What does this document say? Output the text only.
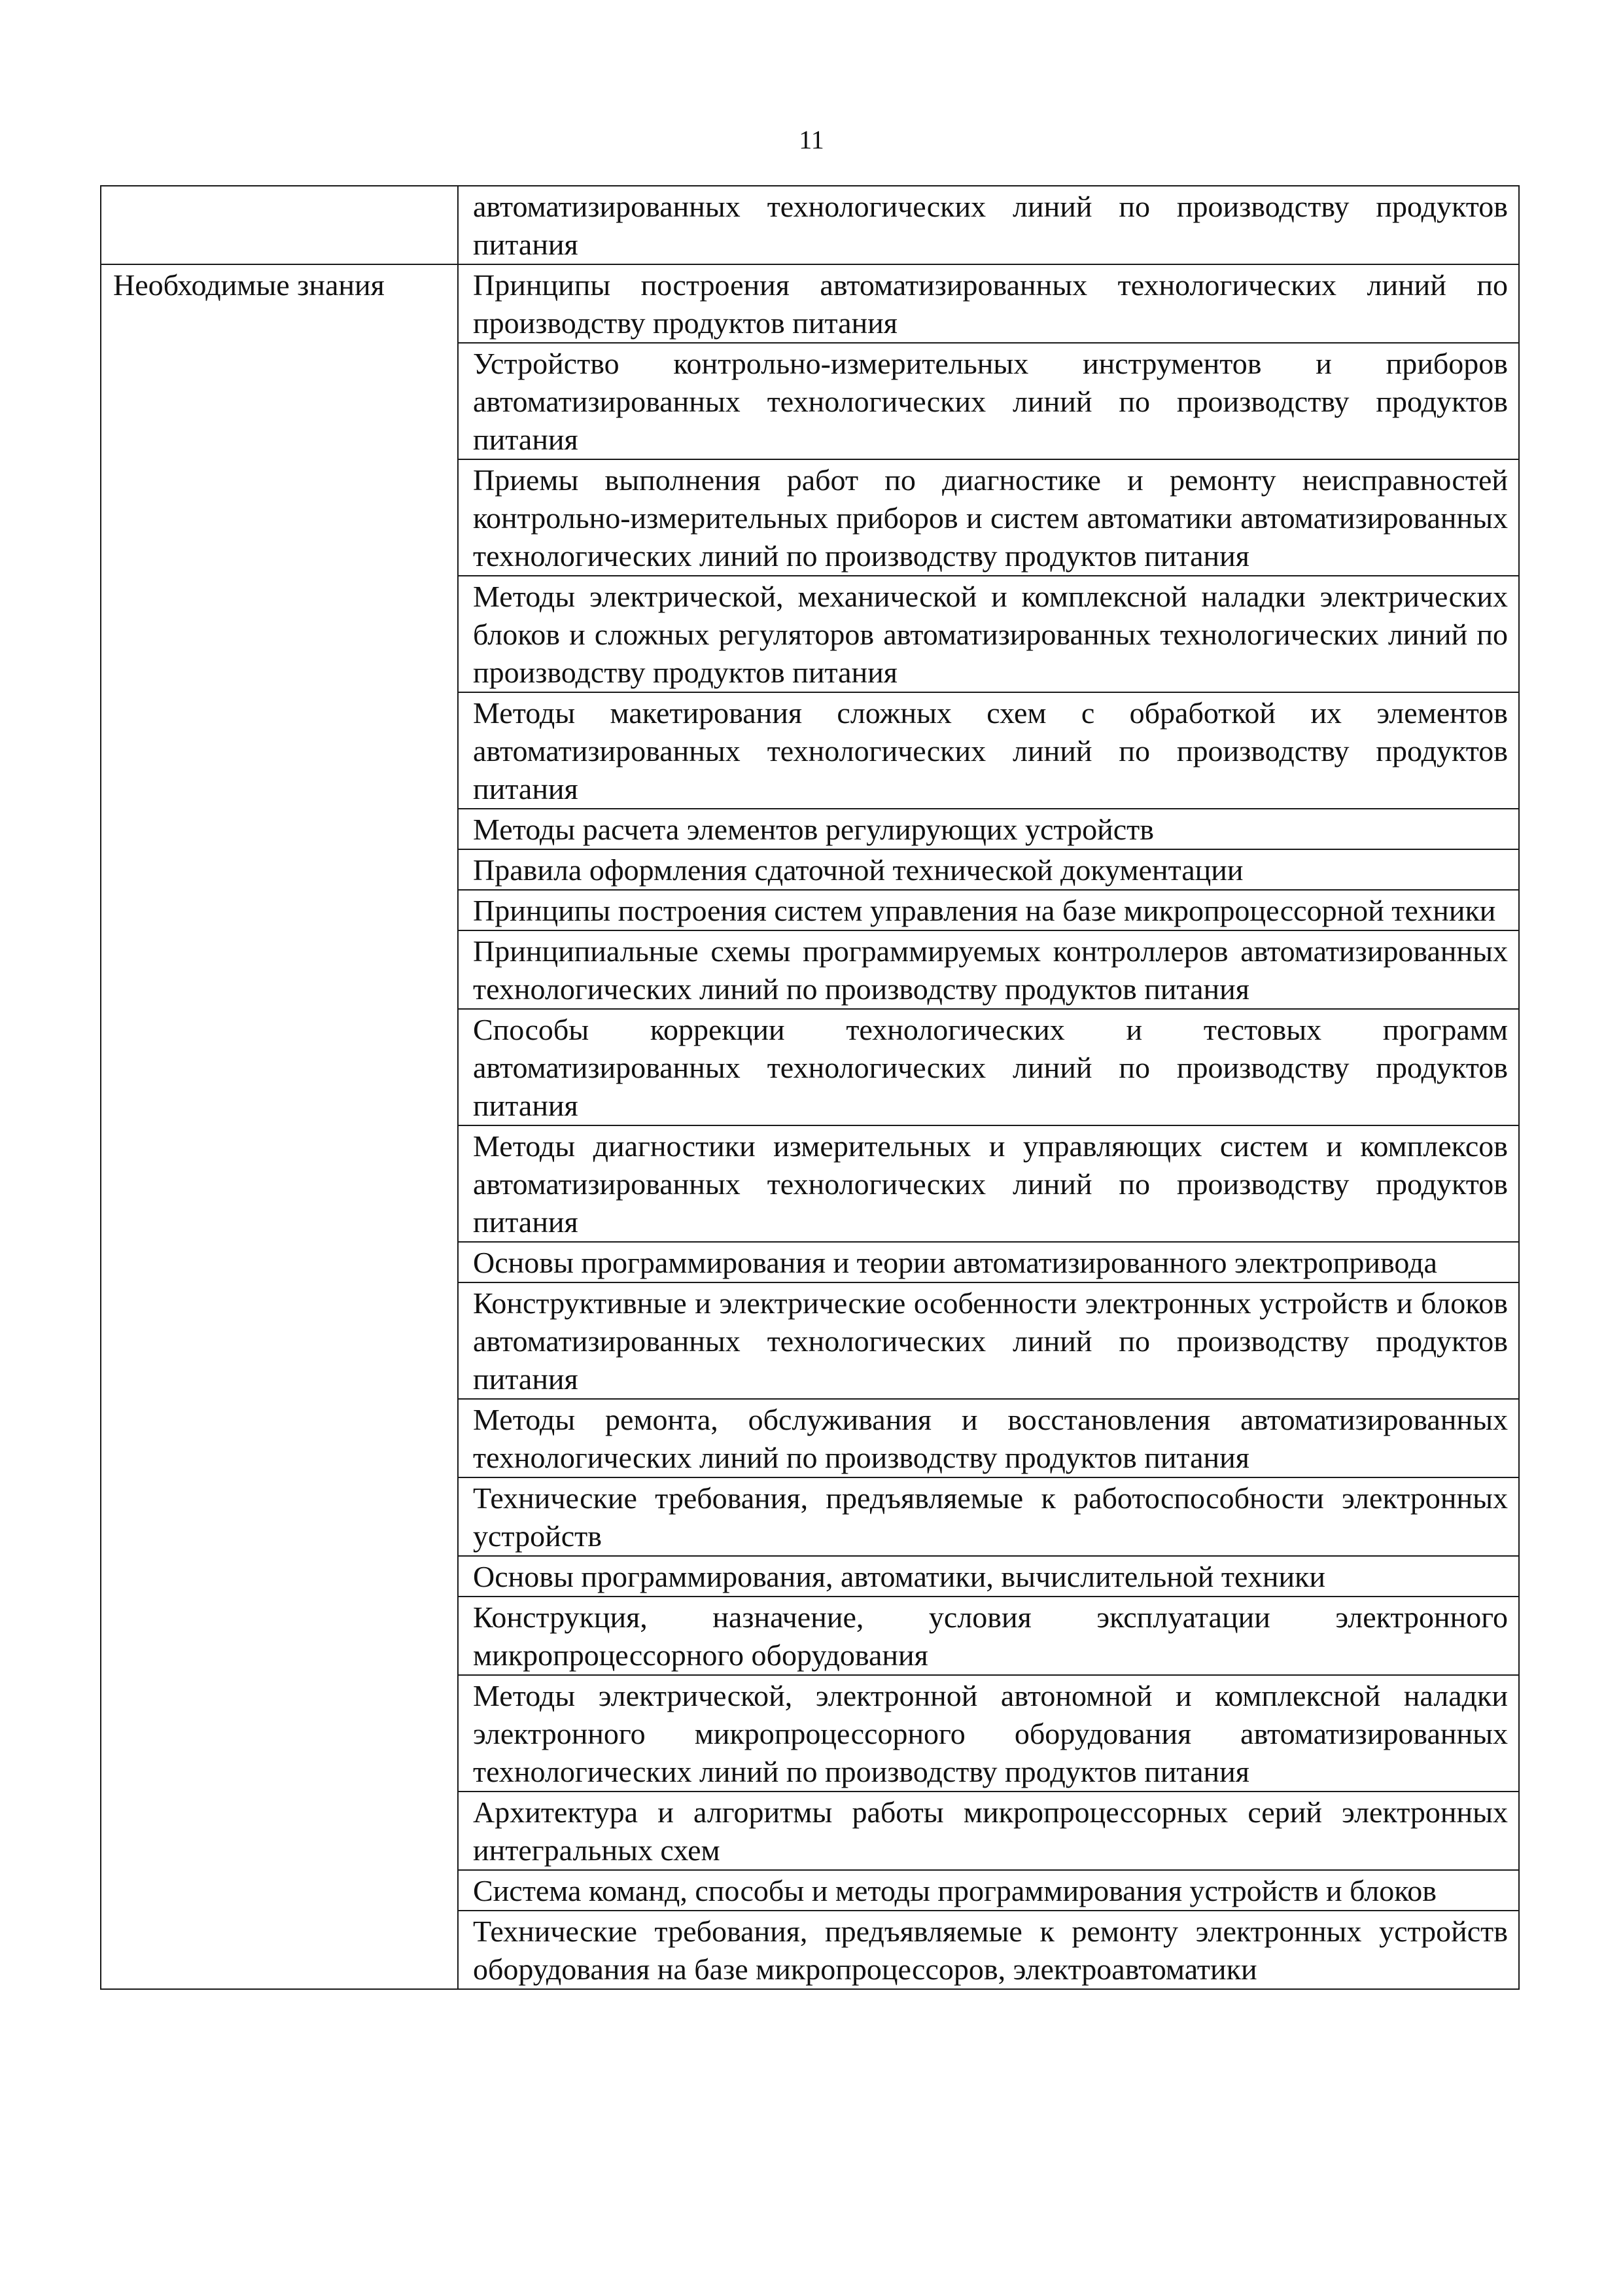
11
	автоматизированных технологических линий по производству продуктов питания
Необходимые знания	Принципы построения автоматизированных технологических линий по производству продуктов питания
	Устройство контрольно-измерительных инструментов и приборов автоматизированных технологических линий по производству продуктов питания
	Приемы выполнения работ по диагностике и ремонту неисправностей контрольно-измерительных приборов и систем автоматики автоматизированных технологических линий по производству продуктов питания
	Методы электрической, механической и комплексной наладки электрических блоков и сложных регуляторов автоматизированных технологических линий по производству продуктов питания
	Методы макетирования сложных схем с обработкой их элементов автоматизированных технологических линий по производству продуктов питания
	Методы расчета элементов регулирующих устройств
	Правила оформления сдаточной технической документации
	Принципы построения систем управления на базе микропроцессорной техники
	Принципиальные схемы программируемых контроллеров автоматизированных технологических линий по производству продуктов питания
	Способы коррекции технологических и тестовых программ автоматизированных технологических линий по производству продуктов питания
	Методы диагностики измерительных и управляющих систем и комплексов автоматизированных технологических линий по производству продуктов питания
	Основы программирования и теории автоматизированного электропривода
	Конструктивные и электрические особенности электронных устройств и блоков автоматизированных технологических линий по производству продуктов питания
	Методы ремонта, обслуживания и восстановления автоматизированных технологических линий по производству продуктов питания
	Технические требования, предъявляемые к работоспособности электронных устройств
	Основы программирования, автоматики, вычислительной техники
	Конструкция, назначение, условия эксплуатации электронного микропроцессорного оборудования
	Методы электрической, электронной автономной и комплексной наладки электронного микропроцессорного оборудования автоматизированных технологических линий по производству продуктов питания
	Архитектура и алгоритмы работы микропроцессорных серий электронных интегральных схем
	Система команд, способы и методы программирования устройств и блоков
	Технические требования, предъявляемые к ремонту электронных устройств оборудования на базе микропроцессоров, электроавтоматики
